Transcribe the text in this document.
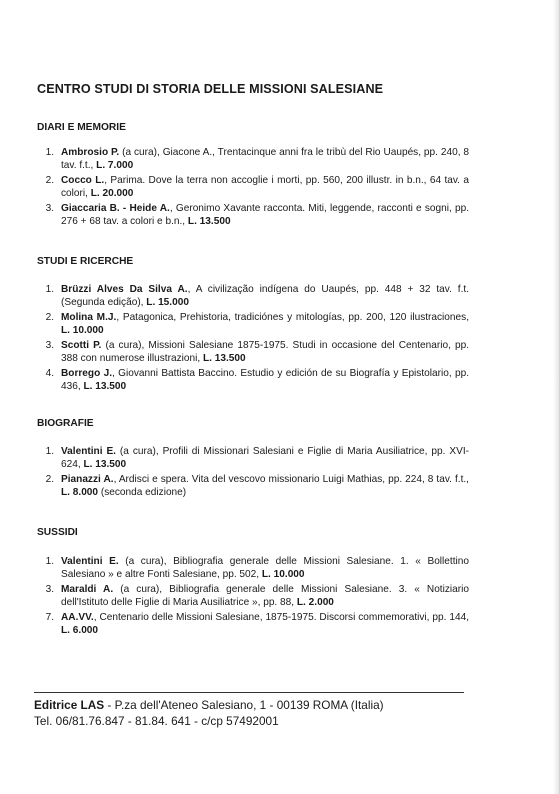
CENTRO STUDI DI STORIA DELLE MISSIONI SALESIANE
DIARI E MEMORIE
1. Ambrosio P. (a cura), Giacone A., Trentacinque anni fra le tribù del Rio Uaupés, pp. 240, 8 tav. f.t., L. 7.000
2. Cocco L., Parima. Dove la terra non accoglie i morti, pp. 560, 200 illustr. in b.n., 64 tav. a colori, L. 20.000
3. Giaccaria B. - Heide A., Geronimo Xavante racconta. Miti, leggende, racconti e sogni, pp. 276 + 68 tav. a colori e b.n., L. 13.500
STUDI E RICERCHE
1. Brüzzi Alves Da Silva A., A civilização indígena do Uaupés, pp. 448 + 32 tav. f.t. (Segunda edição), L. 15.000
2. Molina M.J., Patagonica, Prehistoria, tradiciónes y mitologías, pp. 200, 120 ilustraciones, L. 10.000
3. Scotti P. (a cura), Missioni Salesiane 1875-1975. Studi in occasione del Centenario, pp. 388 con numerose illustrazioni, L. 13.500
4. Borrego J., Giovanni Battista Baccino. Estudio y edición de su Biografía y Epistolario, pp. 436, L. 13.500
BIOGRAFIE
1. Valentini E. (a cura), Profili di Missionari Salesiani e Figlie di Maria Ausiliatrice, pp. XVI-624, L. 13.500
2. Pianazzi A., Ardisci e spera. Vita del vescovo missionario Luigi Mathias, pp. 224, 8 tav. f.t., L. 8.000 (seconda edizione)
SUSSIDI
1. Valentini E. (a cura), Bibliografia generale delle Missioni Salesiane. 1. « Bollettino Salesiano » e altre Fonti Salesiane, pp. 502, L. 10.000
3. Maraldi A. (a cura), Bibliografia generale delle Missioni Salesiane. 3. « Notiziario dell'Istituto delle Figlie di Maria Ausiliatrice », pp. 88, L. 2.000
7. AA.VV., Centenario delle Missioni Salesiane, 1875-1975. Discorsi commemorativi, pp. 144, L. 6.000
Editrice LAS - P.za dell'Ateneo Salesiano, 1 - 00139 ROMA (Italia)
Tel. 06/81.76.847 - 81.84. 641 - c/cp 57492001
